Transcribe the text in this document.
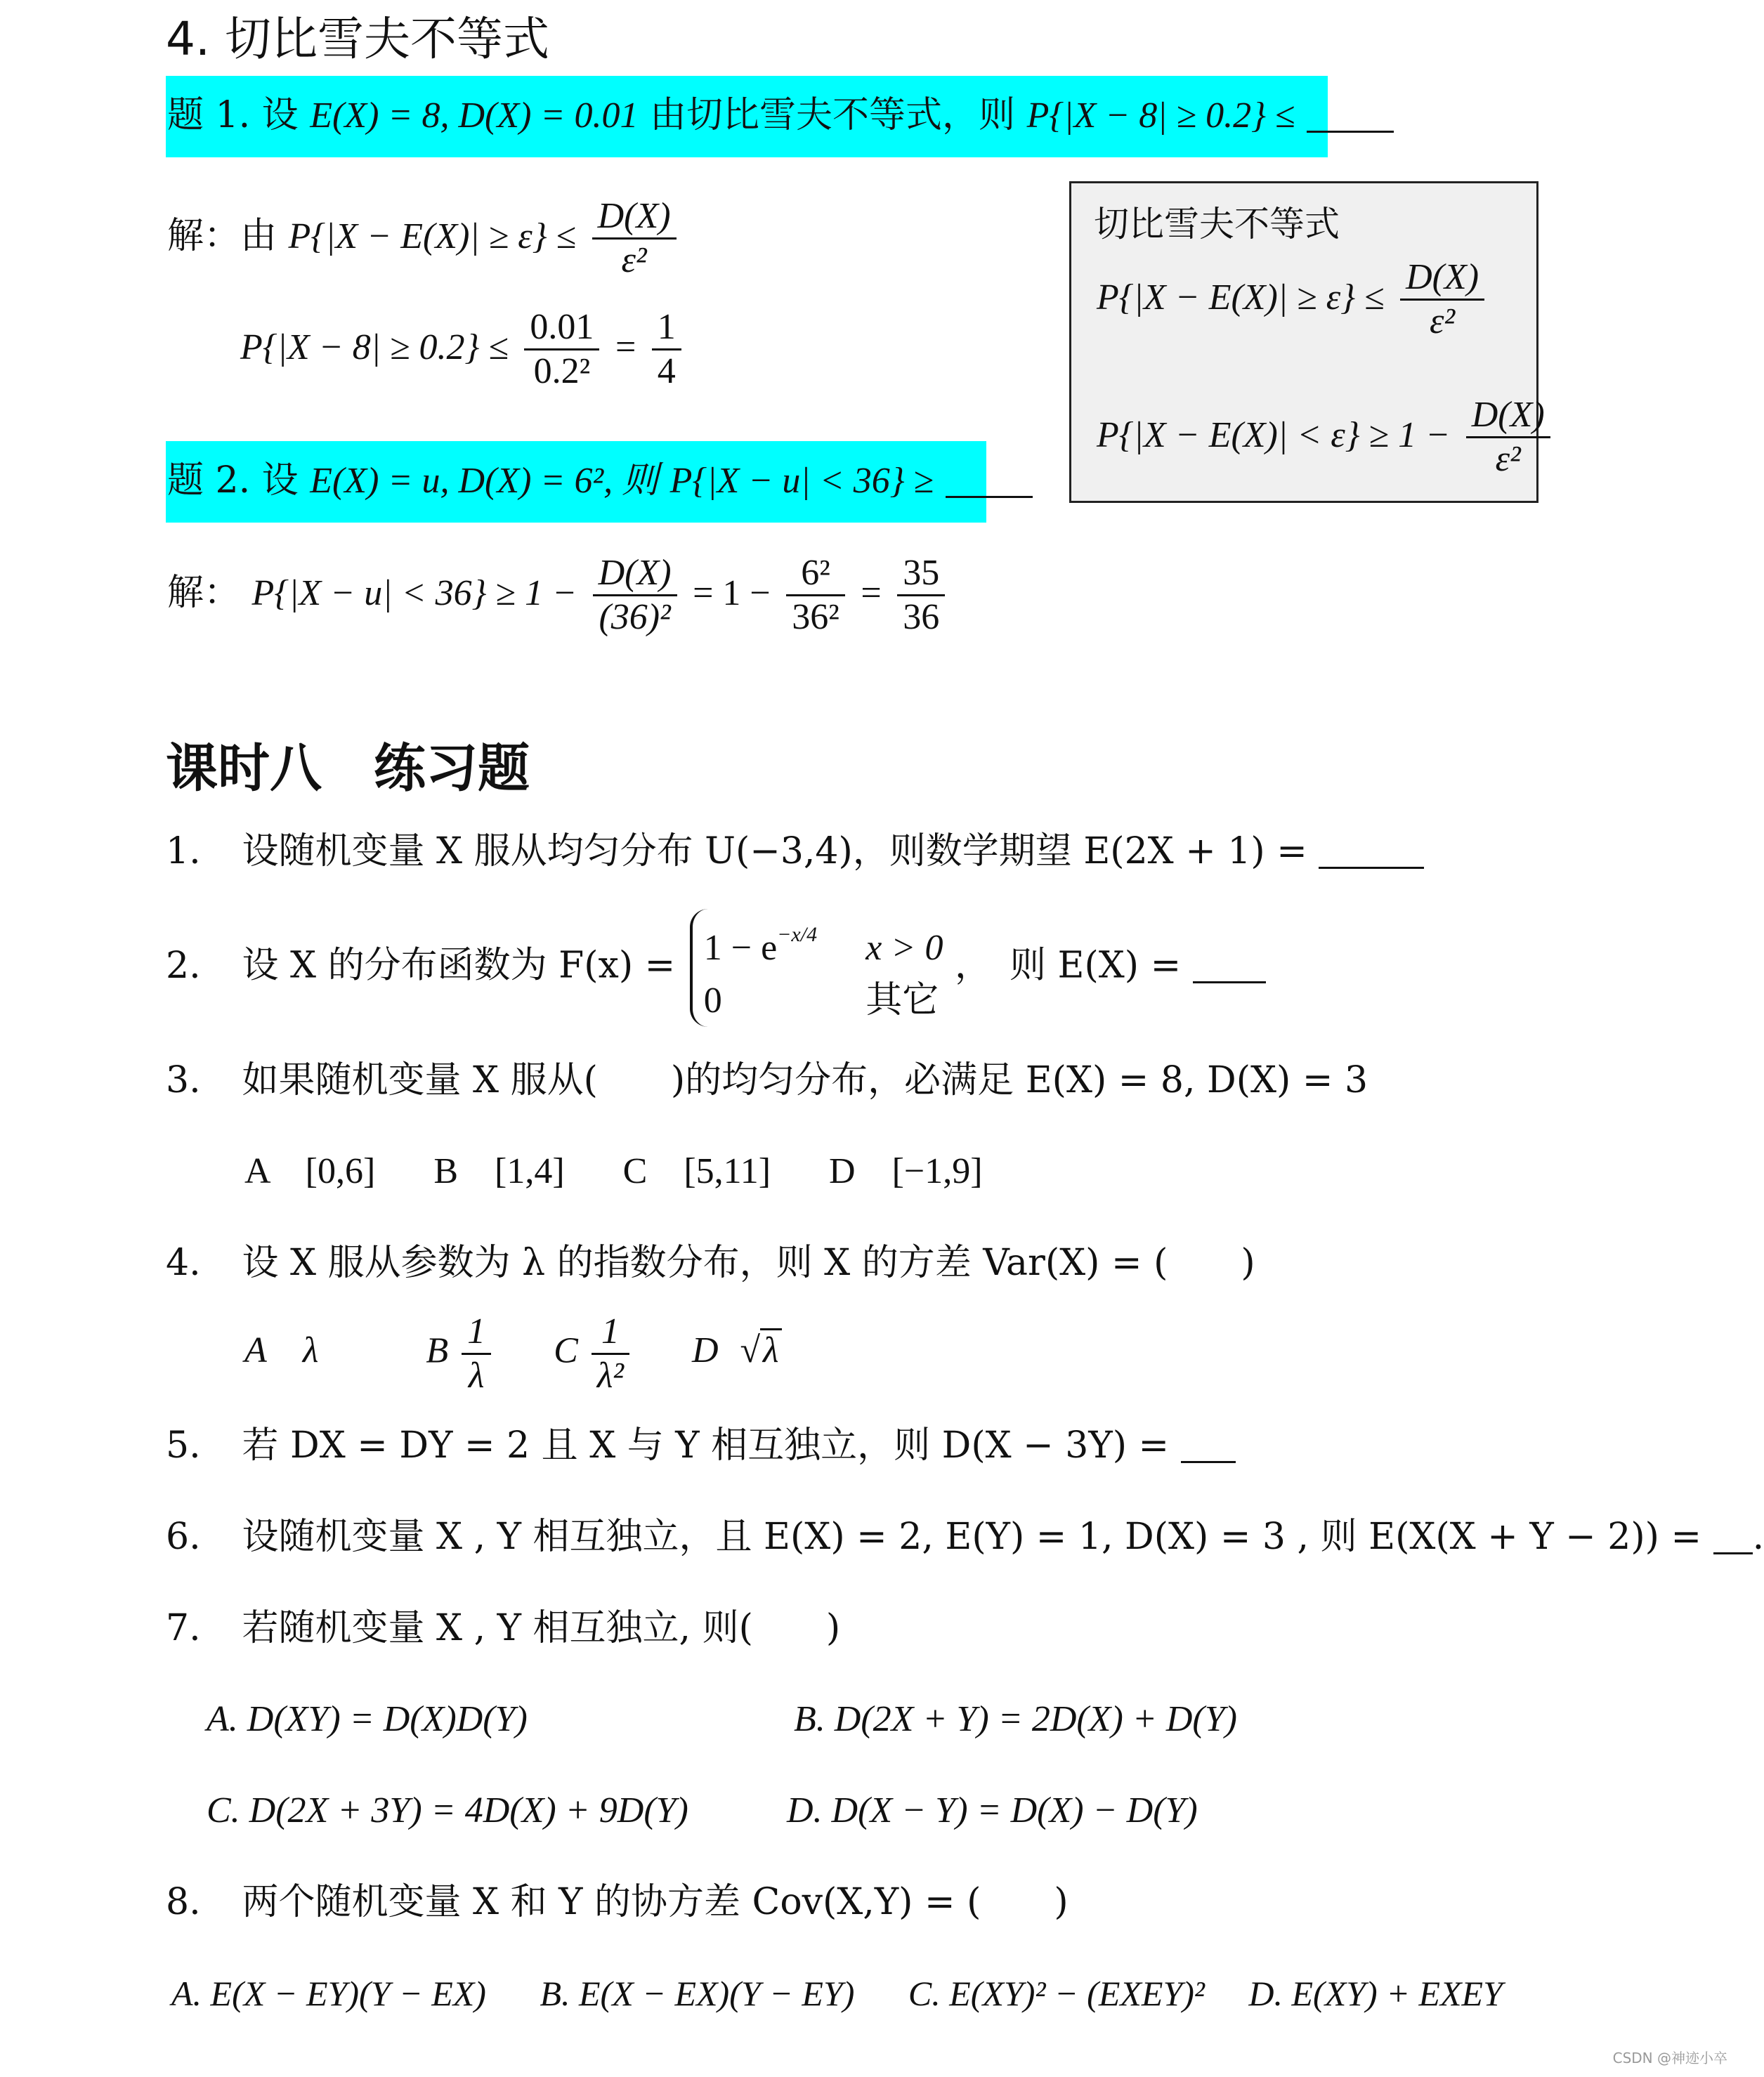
4. 切比雪夫不等式
题 1. 设 E(X) = 8, D(X) = 0.01 由切比雪夫不等式，则 P{|X − 8| ≥ 0.2} ≤
解：由 $P\{|X - E(X)| \ge \varepsilon\} \le \frac{D(X)}{\text{ε²}}$
$P\{|X - 8| \ge 0.2\} \le \frac{0.01}{\text{0.2²}} = \frac{1}{4}$
切比雪夫不等式
$P\{|X - E(X)| \ge \varepsilon\} \le \frac{D(X)}{\text{ε²}}$
$P\{|X - E(X)| < \varepsilon\} \ge 1 - \frac{D(X)}{\text{ε²}}$
题 2. 设 E(X) = u, D(X) = 6², 则 P{|X − u| < 36} ≥
解： $P\{|X - u| < 36\} \ge 1 - \frac{D(X)}{\text{(36)²}} = 1 - \frac{\text{6²}}{\text{36²}} = \frac{35}{36}$
课时八　练习题
1. 设随机变量 X 服从均匀分布 U(−3,4)，则数学期望 E(2X + 1) =
2. 设 X 的分布函数为 $F(x) = 1 - e^{-x/4}$ x > 0
0	其它 ，　则 E(X) =
3. 如果随机变量 X 服从(　　)的均匀分布，必满足 E(X) = 8, D(X) = 3
A　[0,6] B　[1,4] C　[5,11] D　[−1,9]
4. 设 X 服从参数为 λ 的指数分布，则 X 的方差 Var(X) = (　　)
A　λ	B $\frac{1}{\lambda}$ C $\frac{1}{\text{λ²}}$ D √λ
5. 若 DX = DY = 2 且 X 与 Y 相互独立，则 D(X − 3Y) =
6. 设随机变量 X , Y 相互独立，且 E(X) = 2, E(Y) = 1, D(X) = 3 , 则 E(X(X + Y − 2)) = .
7. 若随机变量 X , Y 相互独立, 则(　　)
A. D(XY) = D(X)D(Y)	B. D(2X + Y) = 2D(X) + D(Y)
C. D(2X + 3Y) = 4D(X) + 9D(Y)	D. D(X − Y) = D(X) − D(Y)
8. 两个随机变量 X 和 Y 的协方差 Cov(X,Y) = (　　)
A. E(X − EY)(Y − EX) B. E(X − EX)(Y − EY) C. E(XY)² − (EXEY)² D. E(XY) + EXEY
CSDN @神迹小卒
